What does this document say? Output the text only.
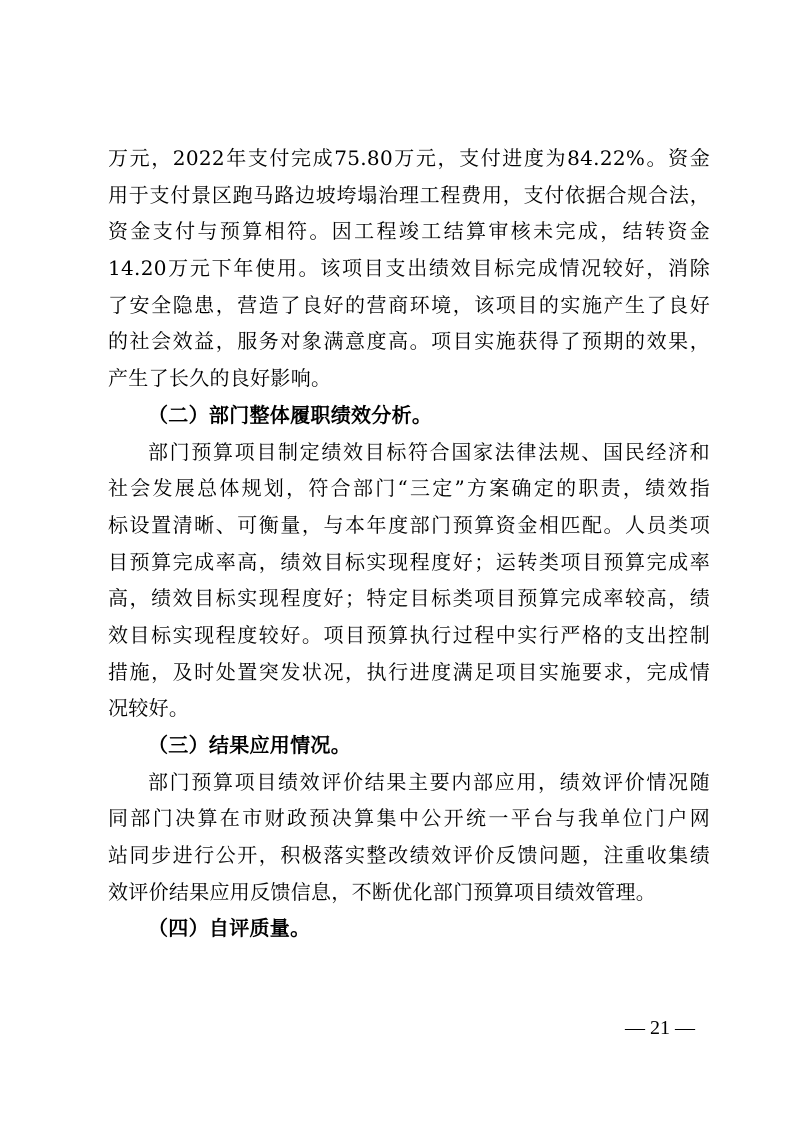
万元，2022年支付完成75.80万元，支付进度为84.22%。资金
用于支付景区跑马路边坡垮塌治理工程费用，支付依据合规合法，
资金支付与预算相符。因工程竣工结算审核未完成，结转资金
14.20万元下年使用。该项目支出绩效目标完成情况较好，消除
了安全隐患，营造了良好的营商环境，该项目的实施产生了良好
的社会效益，服务对象满意度高。项目实施获得了预期的效果，
产生了长久的良好影响。
（二）部门整体履职绩效分析。
部门预算项目制定绩效目标符合国家法律法规、国民经济和
社会发展总体规划，符合部门“三定”方案确定的职责，绩效指
标设置清晰、可衡量，与本年度部门预算资金相匹配。人员类项
目预算完成率高，绩效目标实现程度好；运转类项目预算完成率
高，绩效目标实现程度好；特定目标类项目预算完成率较高，绩
效目标实现程度较好。项目预算执行过程中实行严格的支出控制
措施，及时处置突发状况，执行进度满足项目实施要求，完成情
况较好。
（三）结果应用情况。
部门预算项目绩效评价结果主要内部应用，绩效评价情况随
同部门决算在市财政预决算集中公开统一平台与我单位门户网
站同步进行公开，积极落实整改绩效评价反馈问题，注重收集绩
效评价结果应用反馈信息，不断优化部门预算项目绩效管理。
（四）自评质量。
— 21 —
